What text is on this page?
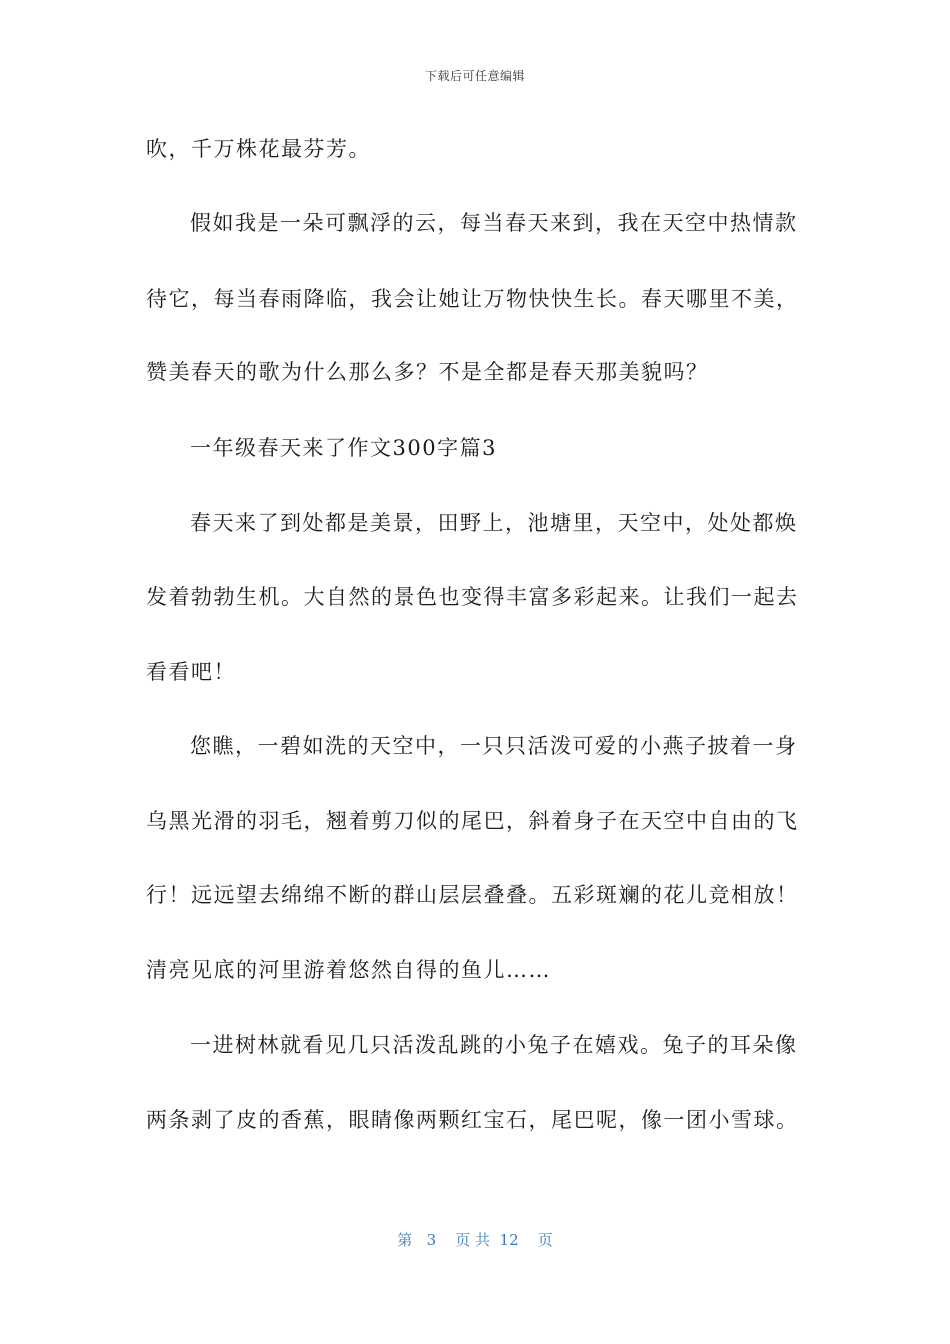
下载后可任意编辑
吹，千万株花最芬芳。
假如我是一朵可飘浮的云，每当春天来到，我在天空中热情款
待它，每当春雨降临，我会让她让万物快快生长。春天哪里不美，
赞美春天的歌为什么那么多？不是全都是春天那美貌吗？
一年级春天来了作文300字篇3
春天来了到处都是美景，田野上，池塘里，天空中，处处都焕
发着勃勃生机。大自然的景色也变得丰富多彩起来。让我们一起去
看看吧！
您瞧，一碧如洗的天空中，一只只活泼可爱的小燕子披着一身
乌黑光滑的羽毛，翘着剪刀似的尾巴，斜着身子在天空中自由的飞
行！远远望去绵绵不断的群山层层叠叠。五彩斑斓的花儿竞相放！
清亮见底的河里游着悠然自得的鱼儿……
一进树林就看见几只活泼乱跳的小兔子在嬉戏。兔子的耳朵像
两条剥了皮的香蕉，眼睛像两颗红宝石，尾巴呢，像一团小雪球。
第 3 页 共 12 页
